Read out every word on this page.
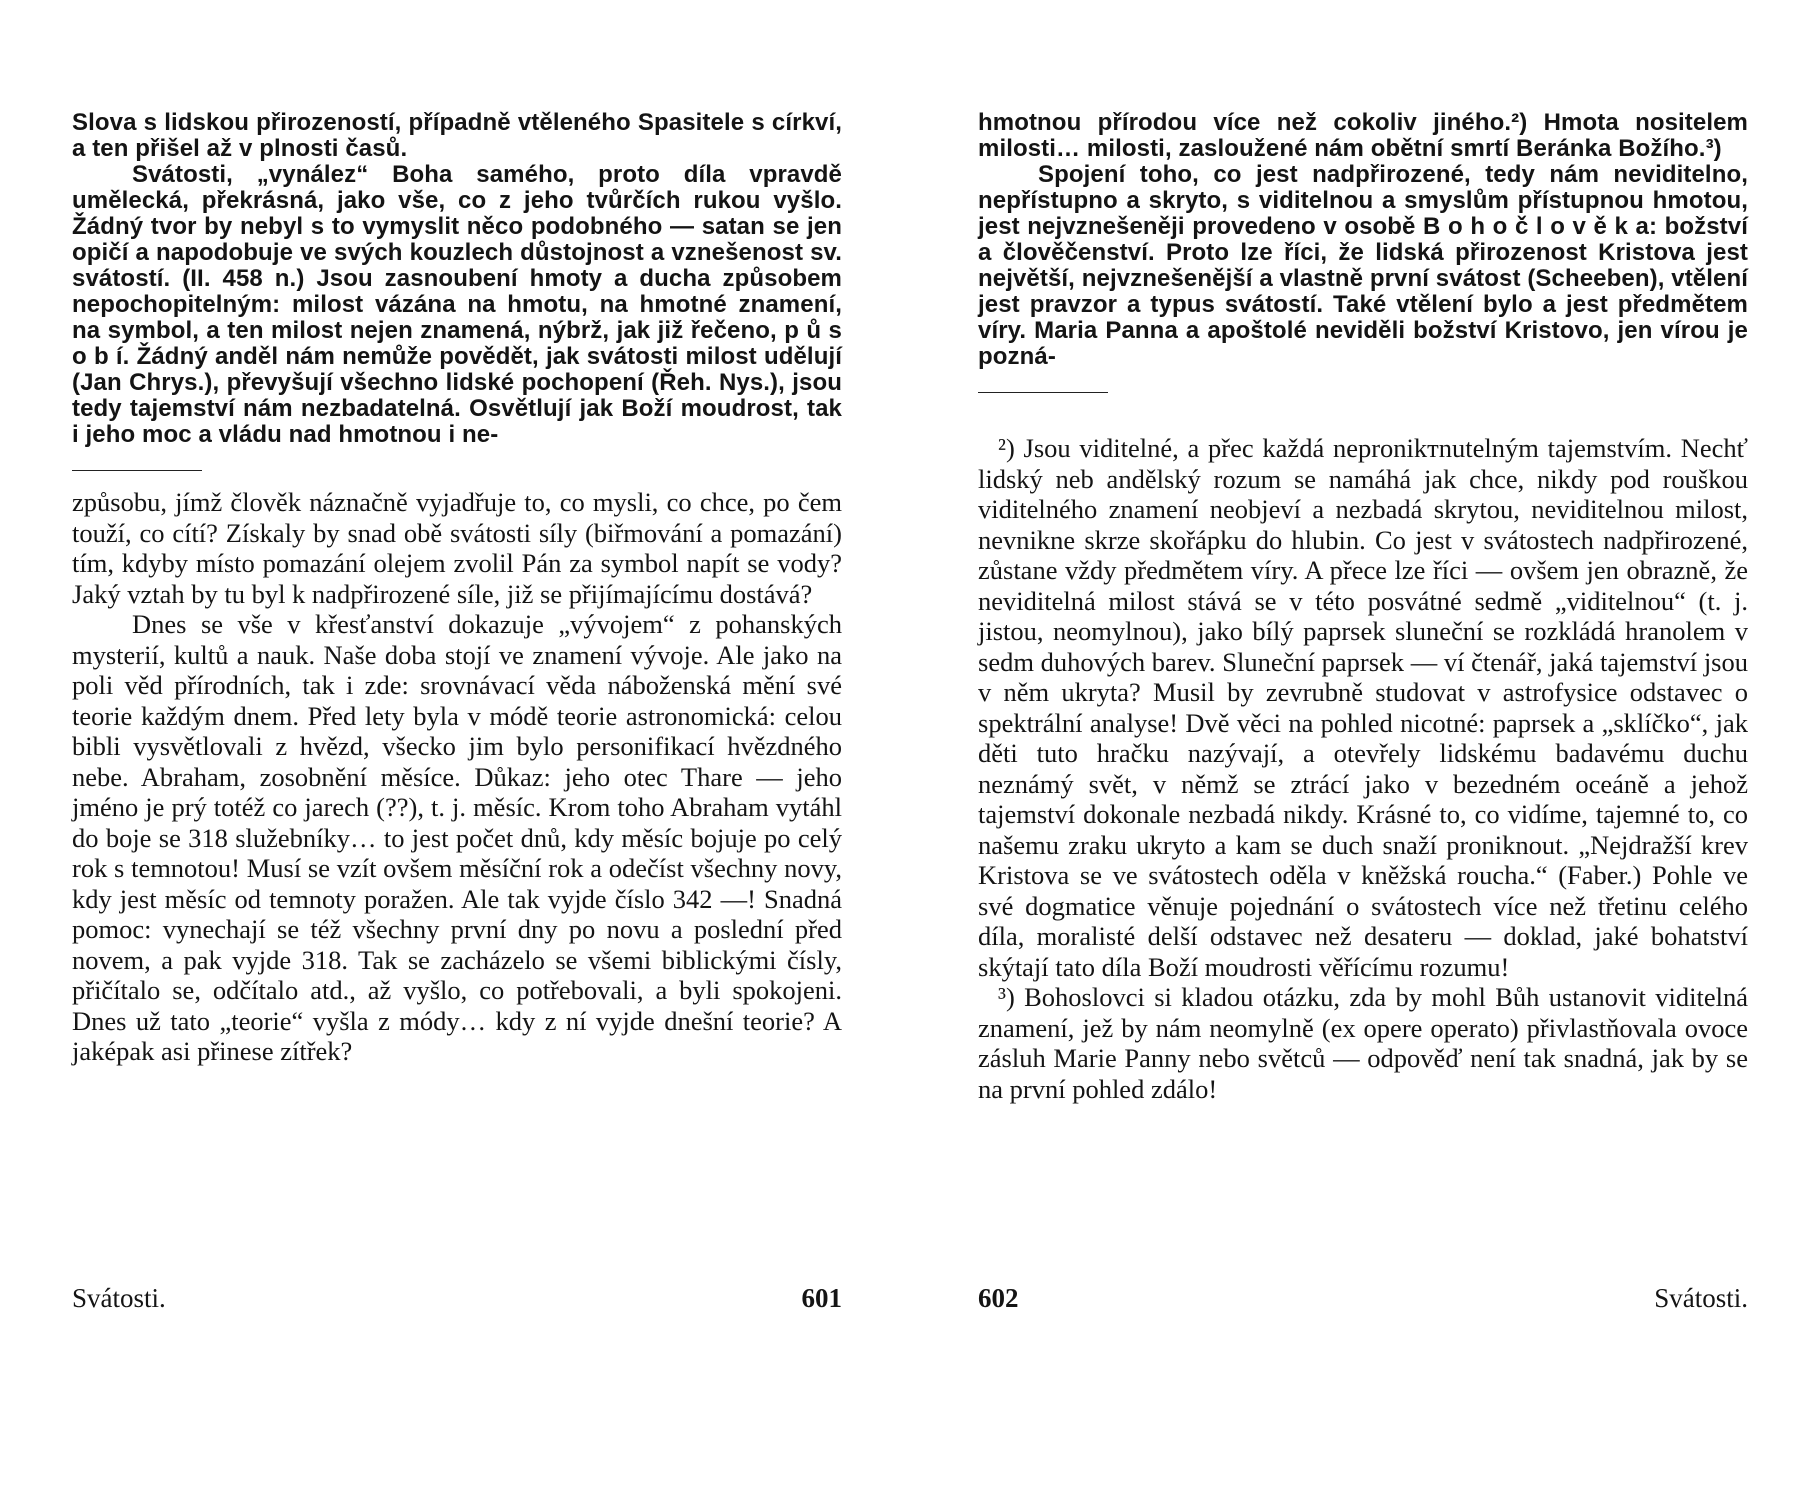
Slova s lidskou přirozeností, případně vtěleného Spasitele s církví, a ten přišel až v plnosti časů.

Svátosti, „vynález“ Boha samého, proto díla vpravdě umělecká, překrásná, jako vše, co z jeho tvůrčích rukou vyšlo. Žádný tvor by nebyl s to vymyslit něco podobného — satan se jen opičí a napodobuje ve svých kouzlech důstojnost a vznešenost sv. svátostí. (II. 458 n.) Jsou zasnoubení hmoty a ducha způsobem nepochopitelným: milost vázána na hmotu, na hmotné znamení, na symbol, a ten milost nejen znamená, nýbrž, jak již řečeno, p ů s o b í. Žádný anděl nám nemůže povědět, jak svátosti milost udělují (Jan Chrys.), převyšují všechno lidské pochopení (Řeh. Nys.), jsou tedy tajemství nám nezbadatelná. Osvětlují jak Boží moudrost, tak i jeho moc a vládu nad hmotnou i ne-

způsobu, jímž člověk náznačně vyjadřuje to, co mysli, co chce, po čem touží, co cítí? Získaly by snad obě svátosti síly (biřmování a pomazání) tím, kdyby místo pomazání olejem zvolil Pán za symbol napít se vody? Jaký vztah by tu byl k nadpřirozené síle, již se přijímajícímu dostává?

Dnes se vše v křesťanství dokazuje „vývojem“ z pohanských mysterií, kultů a nauk. Naše doba stojí ve znamení vývoje. Ale jako na poli věd přírodních, tak i zde: srovnávací věda náboženská mění své teorie každým dnem. Před lety byla v módě teorie astronomická: celou bibli vysvětlovali z hvězd, všecko jim bylo personifikací hvězdného nebe. Abraham, zosobnění měsíce. Důkaz: jeho otec Thare — jeho jméno je prý totéž co jarech (??), t. j. měsíc. Krom toho Abraham vytáhl do boje se 318 služebníky… to jest počet dnů, kdy měsíc bojuje po celý rok s temnotou! Musí se vzít ovšem měsíční rok a odečíst všechny novy, kdy jest měsíc od temnoty poražen. Ale tak vyjde číslo 342 —! Snadná pomoc: vynechají se též všechny první dny po novu a poslední před novem, a pak vyjde 318. Tak se zacházelo se všemi biblickými čísly, přičítalo se, odčítalo atd., až vyšlo, co potřebovali, a byli spokojeni. Dnes už tato „teorie“ vyšla z módy… kdy z ní vyjde dnešní teorie? A jaképak asi přinese zítřek?

Svátosti.	601

hmotnou přírodou více než cokoliv jiného.²) Hmota nositelem milosti… milosti, zasloužené nám obětní smrtí Beránka Božího.³)

Spojení toho, co jest nadpřirozené, tedy nám neviditelno, nepřístupno a skryto, s viditelnou a smyslům přístupnou hmotou, jest nejvznešeněji provedeno v osobě B o h o č l o v ě k a: božství a člověčenství. Proto lze říci, že lidská přirozenost Kristova jest největší, nejvznešenější a vlastně první svátost (Scheeben), vtělení jest pravzor a typus svátostí. Také vtělení bylo a jest předmětem víry. Maria Panna a apoštolé neviděli božství Kristovo, jen vírou je pozná-

²) Jsou viditelné, a přec každá nepronikтnutelným tajemstvím. Nechť lidský neb andělský rozum se namáhá jak chce, nikdy pod rouškou viditelného znamení neobjeví a nezbadá skrytou, neviditelnou milost, nevnikne skrze skořápku do hlubin. Co jest v svátostech nadpřirozené, zůstane vždy předmětem víry. A přece lze říci — ovšem jen obrazně, že neviditelná milost stává se v této posvátné sedmě „viditelnou“ (t. j. jistou, neomylnou), jako bílý paprsek sluneční se rozkládá hranolem v sedm duhových barev. Sluneční paprsek — ví čtenář, jaká tajemství jsou v něm ukryta? Musil by zevrubně studovat v astrofysice odstavec o spektrální analyse! Dvě věci na pohled nicotné: paprsek a „sklíčko“, jak děti tuto hračku nazývají, a otevřely lidskému badavému duchu neznámý svět, v němž se ztrácí jako v bezedném oceáně a jehož tajemství dokonale nezbadá nikdy. Krásné to, co vidíme, tajemné to, co našemu zraku ukryto a kam se duch snaží proniknout. „Nejdražší krev Kristova se ve svátostech oděla v kněžská roucha.“ (Faber.) Pohle ve své dogmatice věnuje pojednání o svátostech více než třetinu celého díla, moralisté delší odstavec než desateru — doklad, jaké bohatství skýtají tato díla Boží moudrosti věřícímu rozumu!

³) Bohoslovci si kladou otázku, zda by mohl Bůh ustanovit viditelná znamení, jež by nám neomylně (ex opere operato) přivlastňovala ovoce zásluh Marie Panny nebo světců — odpověď není tak snadná, jak by se na první pohled zdálo!

602	Svátosti.
